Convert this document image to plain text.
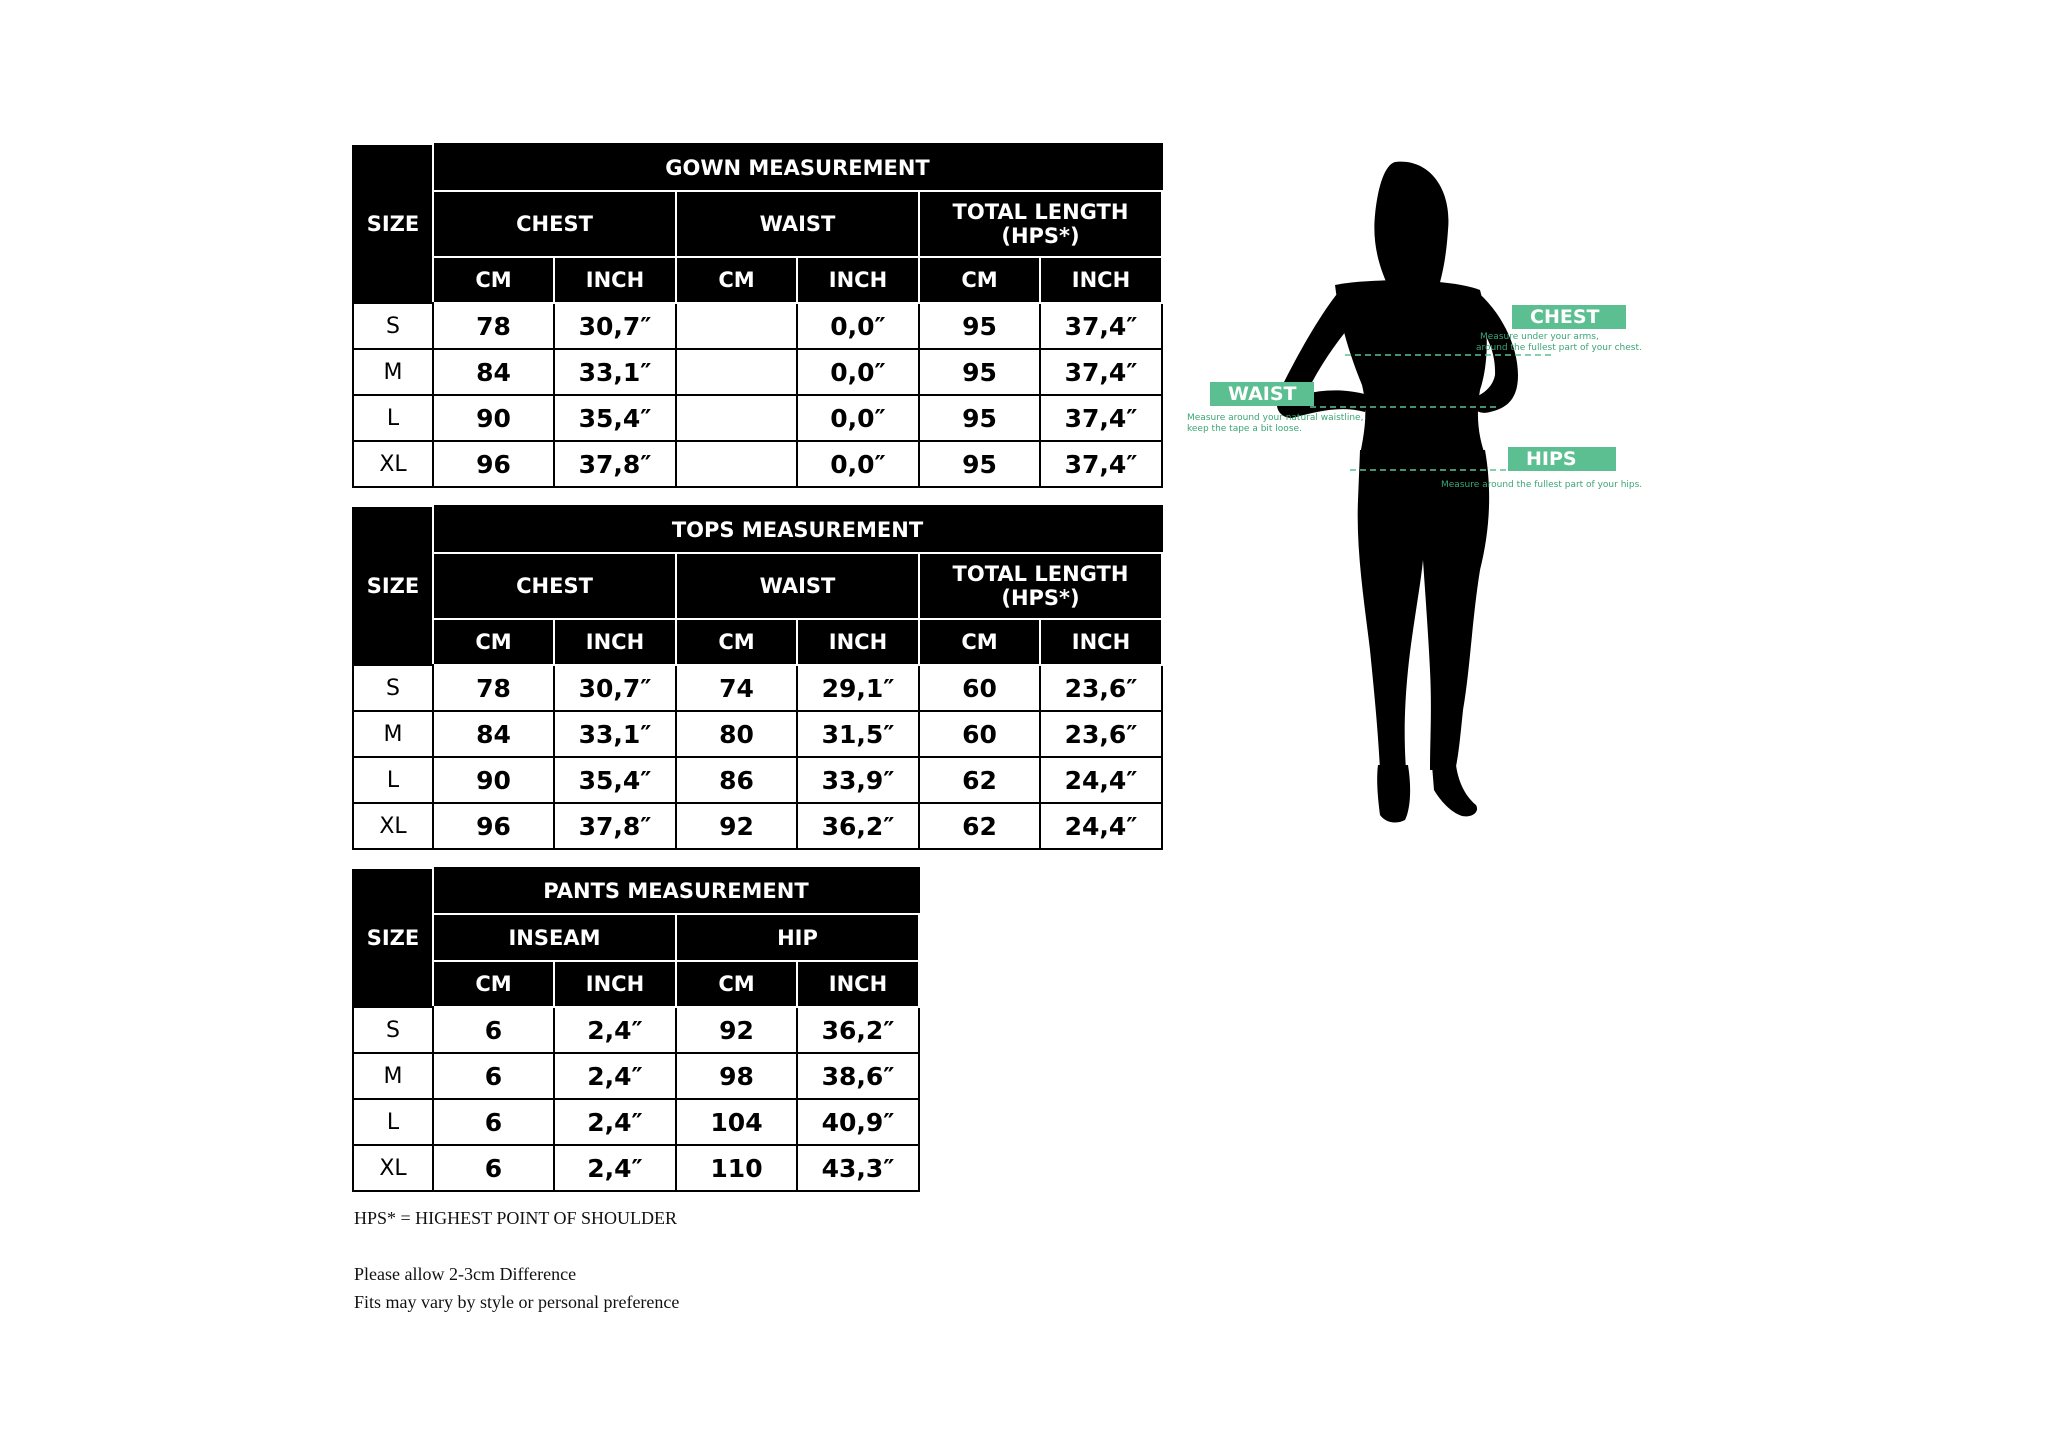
SIZE	GOWN MEASUREMENT					
	CHEST		WAIST		TOTAL LENGTH (HPS*)	
	CM	INCH	CM	INCH	CM	INCH
S	78	30,7″		0,0″	95	37,4″
M	84	33,1″		0,0″	95	37,4″
L	90	35,4″		0,0″	95	37,4″
XL	96	37,8″		0,0″	95	37,4″
SIZE	TOPS MEASUREMENT					
	CHEST		WAIST		TOTAL LENGTH (HPS*)	
	CM	INCH	CM	INCH	CM	INCH
S	78	30,7″	74	29,1″	60	23,6″
M	84	33,1″	80	31,5″	60	23,6″
L	90	35,4″	86	33,9″	62	24,4″
XL	96	37,8″	92	36,2″	62	24,4″
SIZE	PANTS MEASUREMENT			
	INSEAM		HIP	
	CM	INCH	CM	INCH
S	6	2,4″	92	36,2″
M	6	2,4″	98	38,6″
L	6	2,4″	104	40,9″
XL	6	2,4″	110	43,3″
HPS* = HIGHEST POINT OF SHOULDER
Please allow 2-3cm Difference
Fits may vary by style or personal preference
CHEST
Measure under your arms,
around the fullest part of your chest.
WAIST
Measure around your natural waistline,
keep the tape a bit loose.
HIPS
Measure around the fullest part of your hips.
